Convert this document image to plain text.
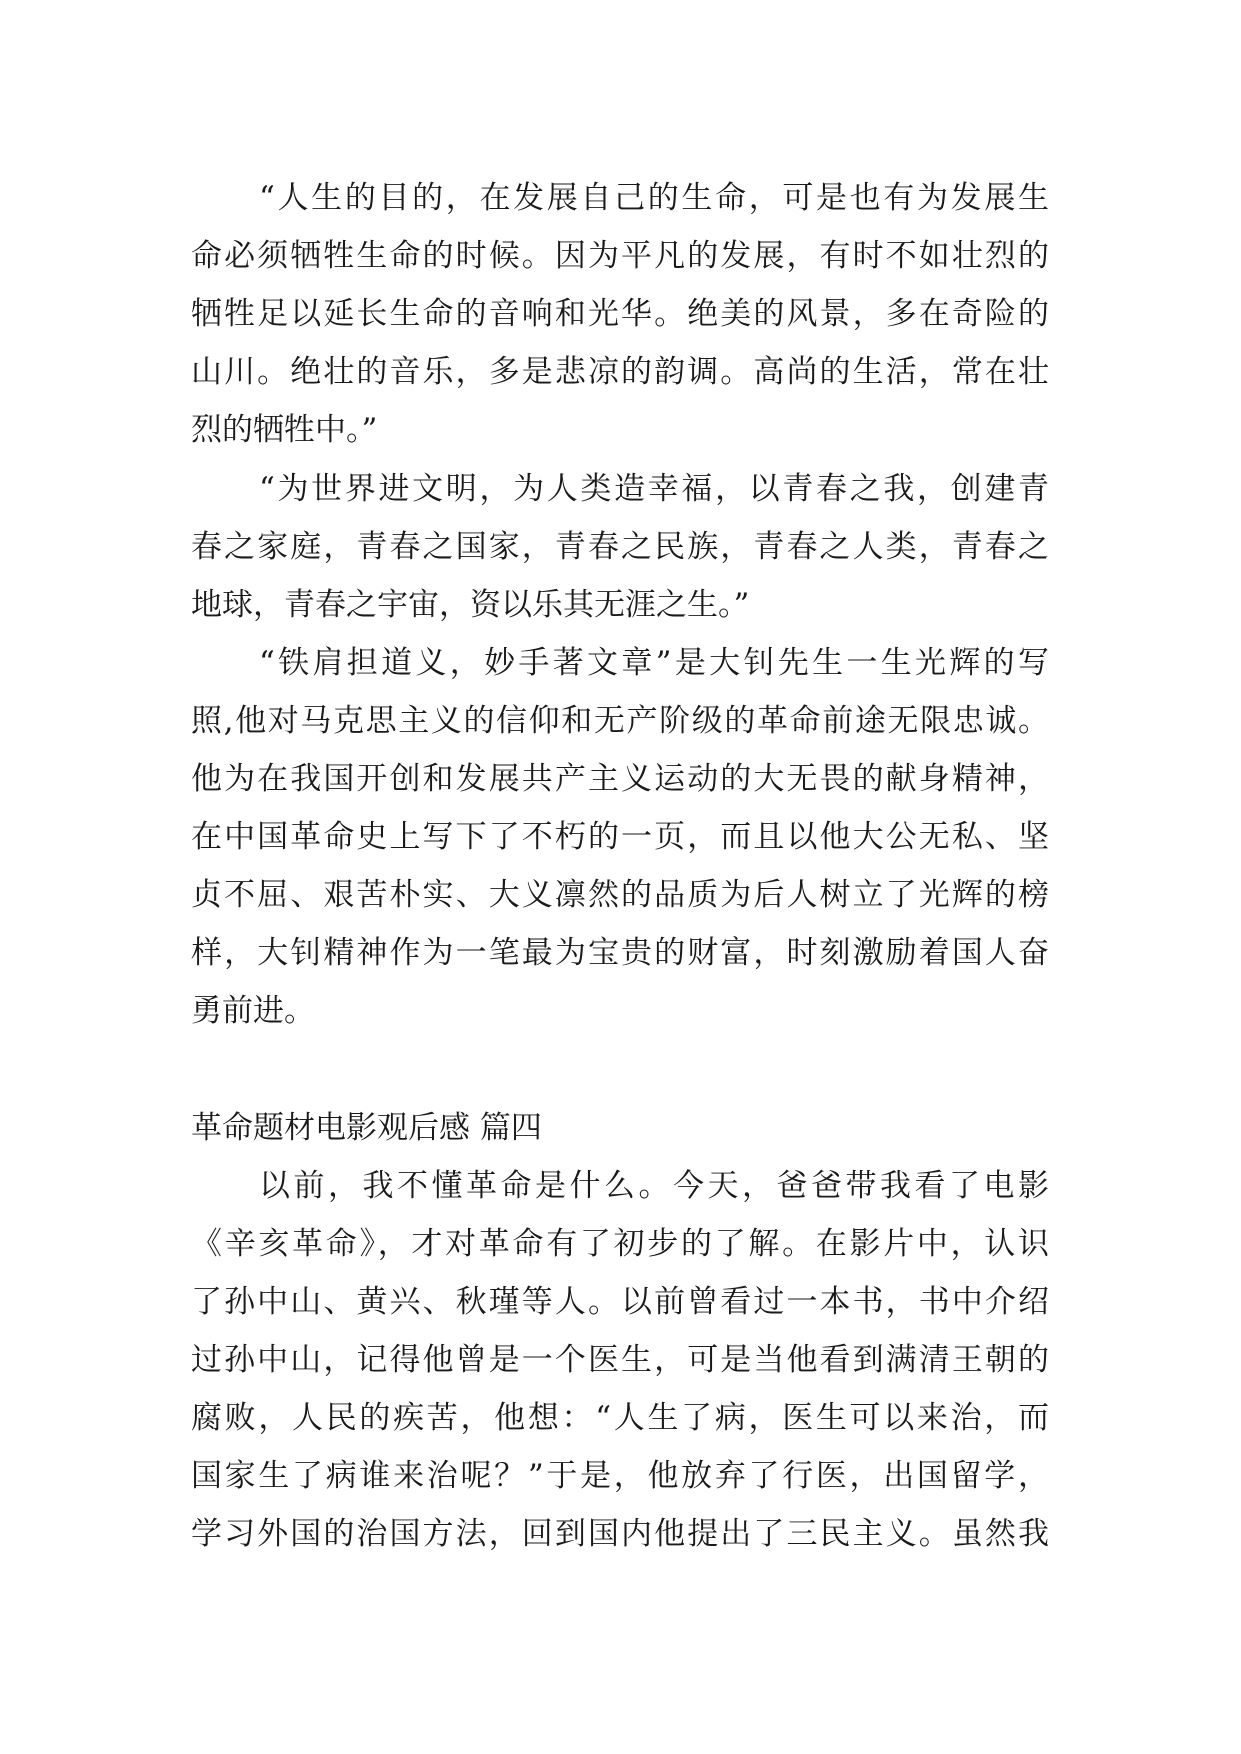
“人生的目的，在发展自己的生命，可是也有为发展生
命必须牺牲生命的时候。因为平凡的发展，有时不如壮烈的
牺牲足以延长生命的音响和光华。绝美的风景，多在奇险的
山川。绝壮的音乐，多是悲凉的韵调。高尚的生活，常在壮
烈的牺牲中。”
“为世界进文明，为人类造幸福，以青春之我，创建青
春之家庭，青春之国家，青春之民族，青春之人类，青春之
地球，青春之宇宙，资以乐其无涯之生。”
“铁肩担道义，妙手著文章”是大钊先生一生光辉的写
照,他对马克思主义的信仰和无产阶级的革命前途无限忠诚。
他为在我国开创和发展共产主义运动的大无畏的献身精神，
在中国革命史上写下了不朽的一页，而且以他大公无私、坚
贞不屈、艰苦朴实、大义凛然的品质为后人树立了光辉的榜
样，大钊精神作为一笔最为宝贵的财富，时刻激励着国人奋
勇前进。
革命题材电影观后感 篇四
以前，我不懂革命是什么。今天，爸爸带我看了电影
《辛亥革命》，才对革命有了初步的了解。在影片中，认识
了孙中山、黄兴、秋瑾等人。以前曾看过一本书，书中介绍
过孙中山，记得他曾是一个医生，可是当他看到满清王朝的
腐败，人民的疾苦，他想：“人生了病，医生可以来治，而
国家生了病谁来治呢？”于是，他放弃了行医，出国留学，
学习外国的治国方法，回到国内他提出了三民主义。虽然我
